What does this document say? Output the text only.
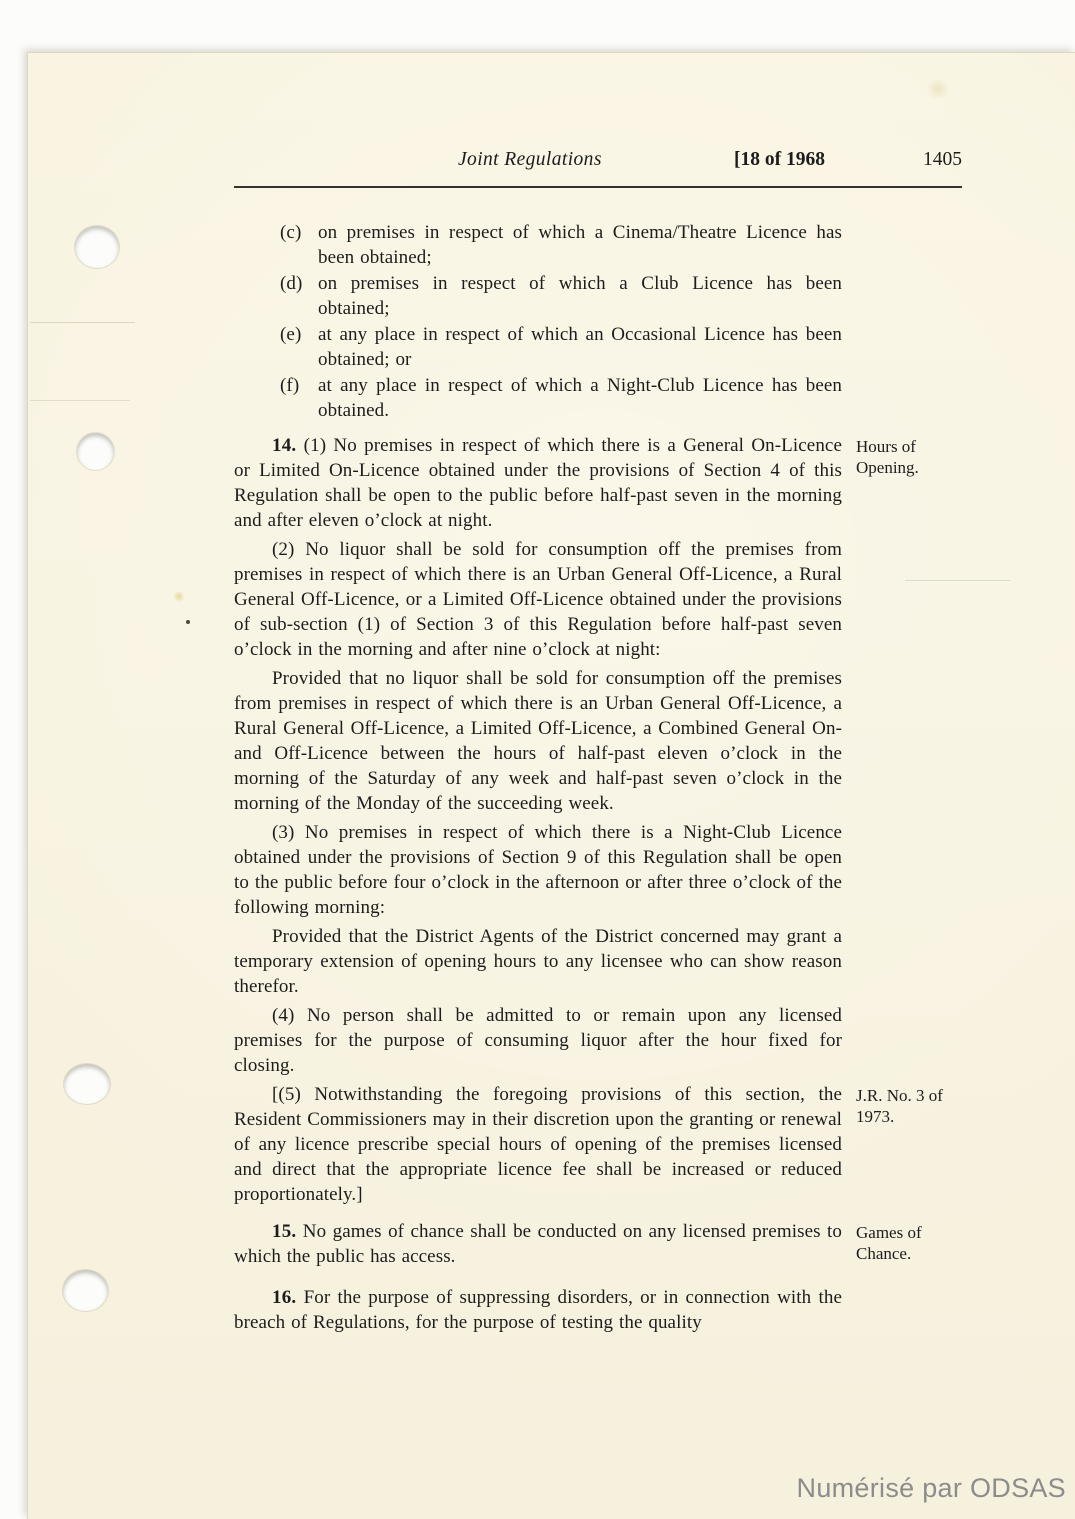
Joint Regulations	[18 of 1968	1405
(c) on premises in respect of which a Cinema/Theatre Licence has been obtained;
(d) on premises in respect of which a Club Licence has been obtained;
(e) at any place in respect of which an Occasional Licence has been obtained; or
(f) at any place in respect of which a Night-Club Licence has been obtained.

14. (1) No premises in respect of which there is a General On-Licence or Limited On-Licence obtained under the provisions of Section 4 of this Regulation shall be open to the public before half-past seven in the morning and after eleven o’clock at night.
Hours of Opening.

(2) No liquor shall be sold for consumption off the premises from premises in respect of which there is an Urban General Off-Licence, a Rural General Off-Licence, or a Limited Off-Licence obtained under the provisions of sub-section (1) of Section 3 of this Regulation before half-past seven o’clock in the morning and after nine o’clock at night:

Provided that no liquor shall be sold for consumption off the premises from premises in respect of which there is an Urban General Off-Licence, a Rural General Off-Licence, a Limited Off-Licence, a Combined General On- and Off-Licence between the hours of half-past eleven o’clock in the morning of the Saturday of any week and half-past seven o’clock in the morning of the Monday of the succeeding week.

(3) No premises in respect of which there is a Night-Club Licence obtained under the provisions of Section 9 of this Regulation shall be open to the public before four o’clock in the afternoon or after three o’clock of the following morning:

Provided that the District Agents of the District concerned may grant a temporary extension of opening hours to any licensee who can show reason therefor.

(4) No person shall be admitted to or remain upon any licensed premises for the purpose of consuming liquor after the hour fixed for closing.

[(5) Notwithstanding the foregoing provisions of this section, the Resident Commissioners may in their discretion upon the granting or renewal of any licence prescribe special hours of opening of the premises licensed and direct that the appropriate licence fee shall be increased or reduced proportionately.]
J.R. No. 3 of 1973.

15. No games of chance shall be conducted on any licensed premises to which the public has access.
Games of Chance.

16. For the purpose of suppressing disorders, or in connection with the breach of Regulations, for the purpose of testing the quality

Numérisé par ODSAS
